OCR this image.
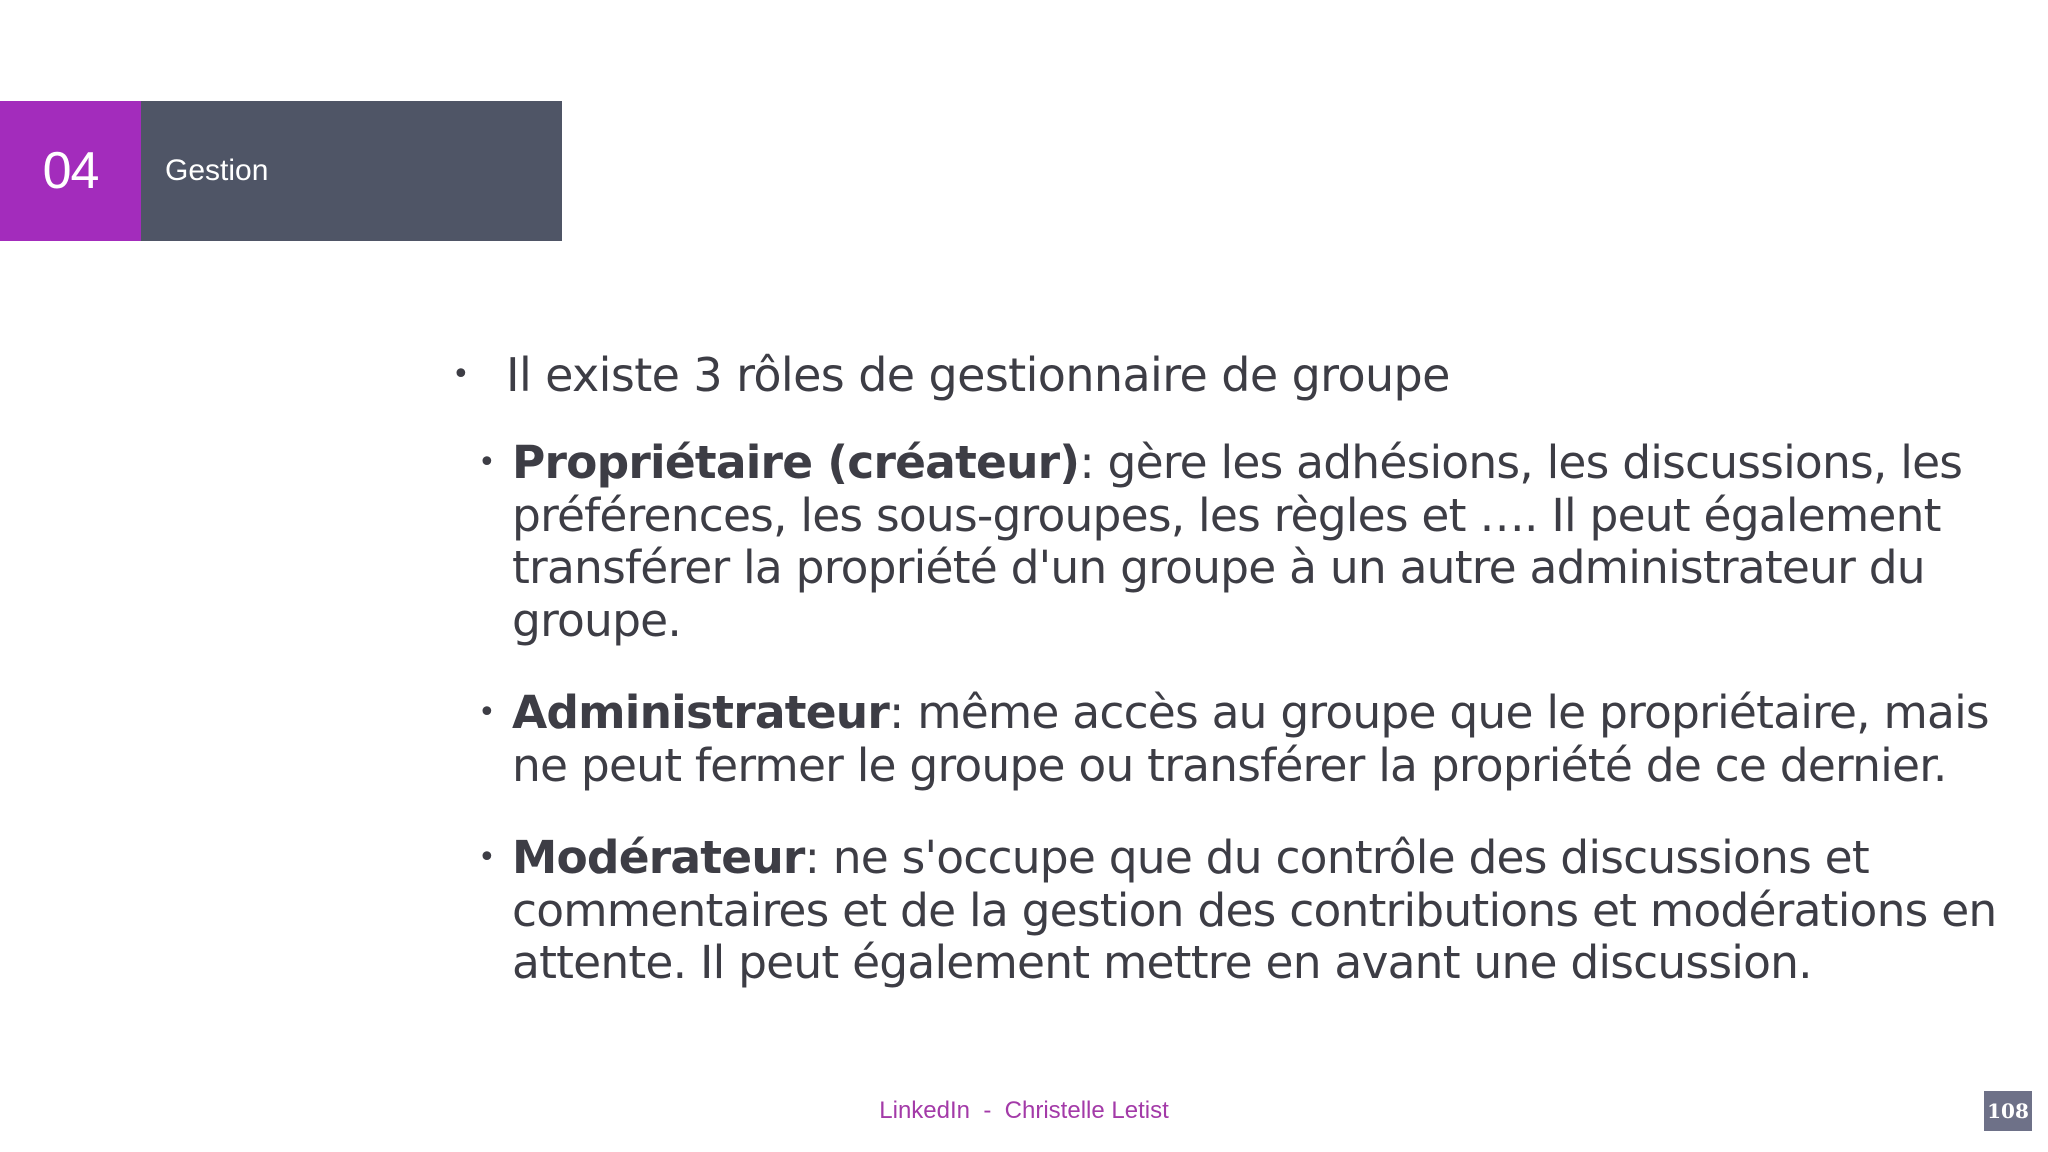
04	Gestion
• Il existe 3 rôles de gestionnaire de groupe
• Propriétaire (créateur): gère les adhésions, les discussions, les préférences, les sous-groupes, les règles et …. Il peut également transférer la propriété d'un groupe à un autre administrateur du groupe.
• Administrateur: même accès au groupe que le propriétaire, mais ne peut fermer le groupe ou transférer la propriété de ce dernier.
• Modérateur: ne s'occupe que du contrôle des discussions et commentaires et de la gestion des contributions et modérations en attente. Il peut également mettre en avant une discussion.
LinkedIn  -  Christelle Letist	108
